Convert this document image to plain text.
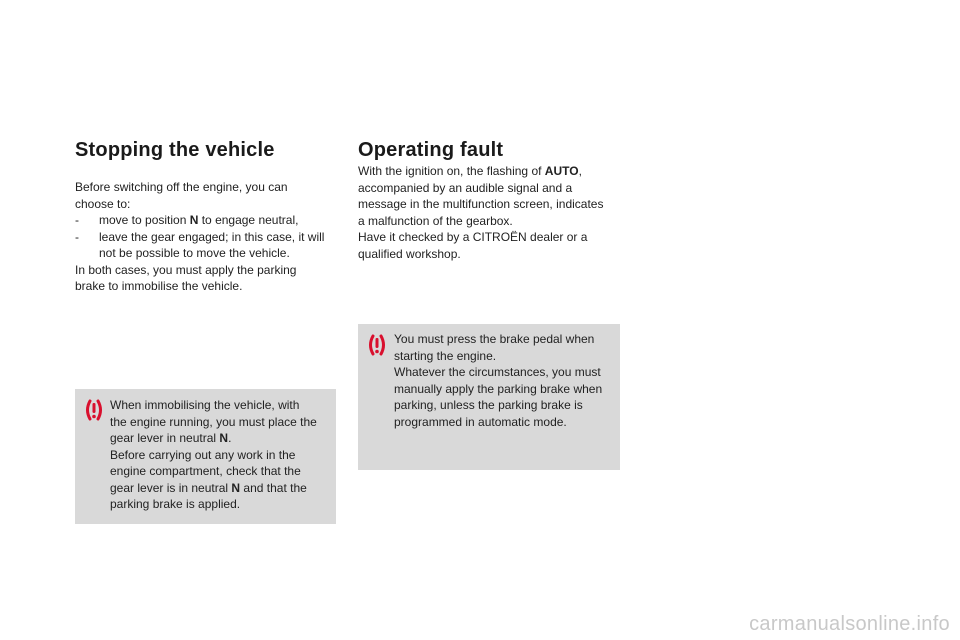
Stopping the vehicle

Before switching off the engine, you can

choose to:

-	move to position N to engage neutral,
-	leave the gear engaged; in this case, it will
not be possible to move the vehicle.

In both cases, you must apply the parking

brake to immobilise the vehicle.

When immobilising the vehicle, with

the engine running, you must place the

gear lever in neutral N.

Before carrying out any work in the

engine compartment, check that the

gear lever is in neutral N and that the

parking brake is applied.

Operating fault

With the ignition on, the flashing of AUTO,

accompanied by an audible signal and a

message in the multifunction screen, indicates

a malfunction of the gearbox.

Have it checked by a CITROËN dealer or a

qualified workshop.

You must press the brake pedal when

starting the engine.

Whatever the circumstances, you must

manually apply the parking brake when

parking, unless the parking brake is

programmed in automatic mode.

carmanualsonline.info
